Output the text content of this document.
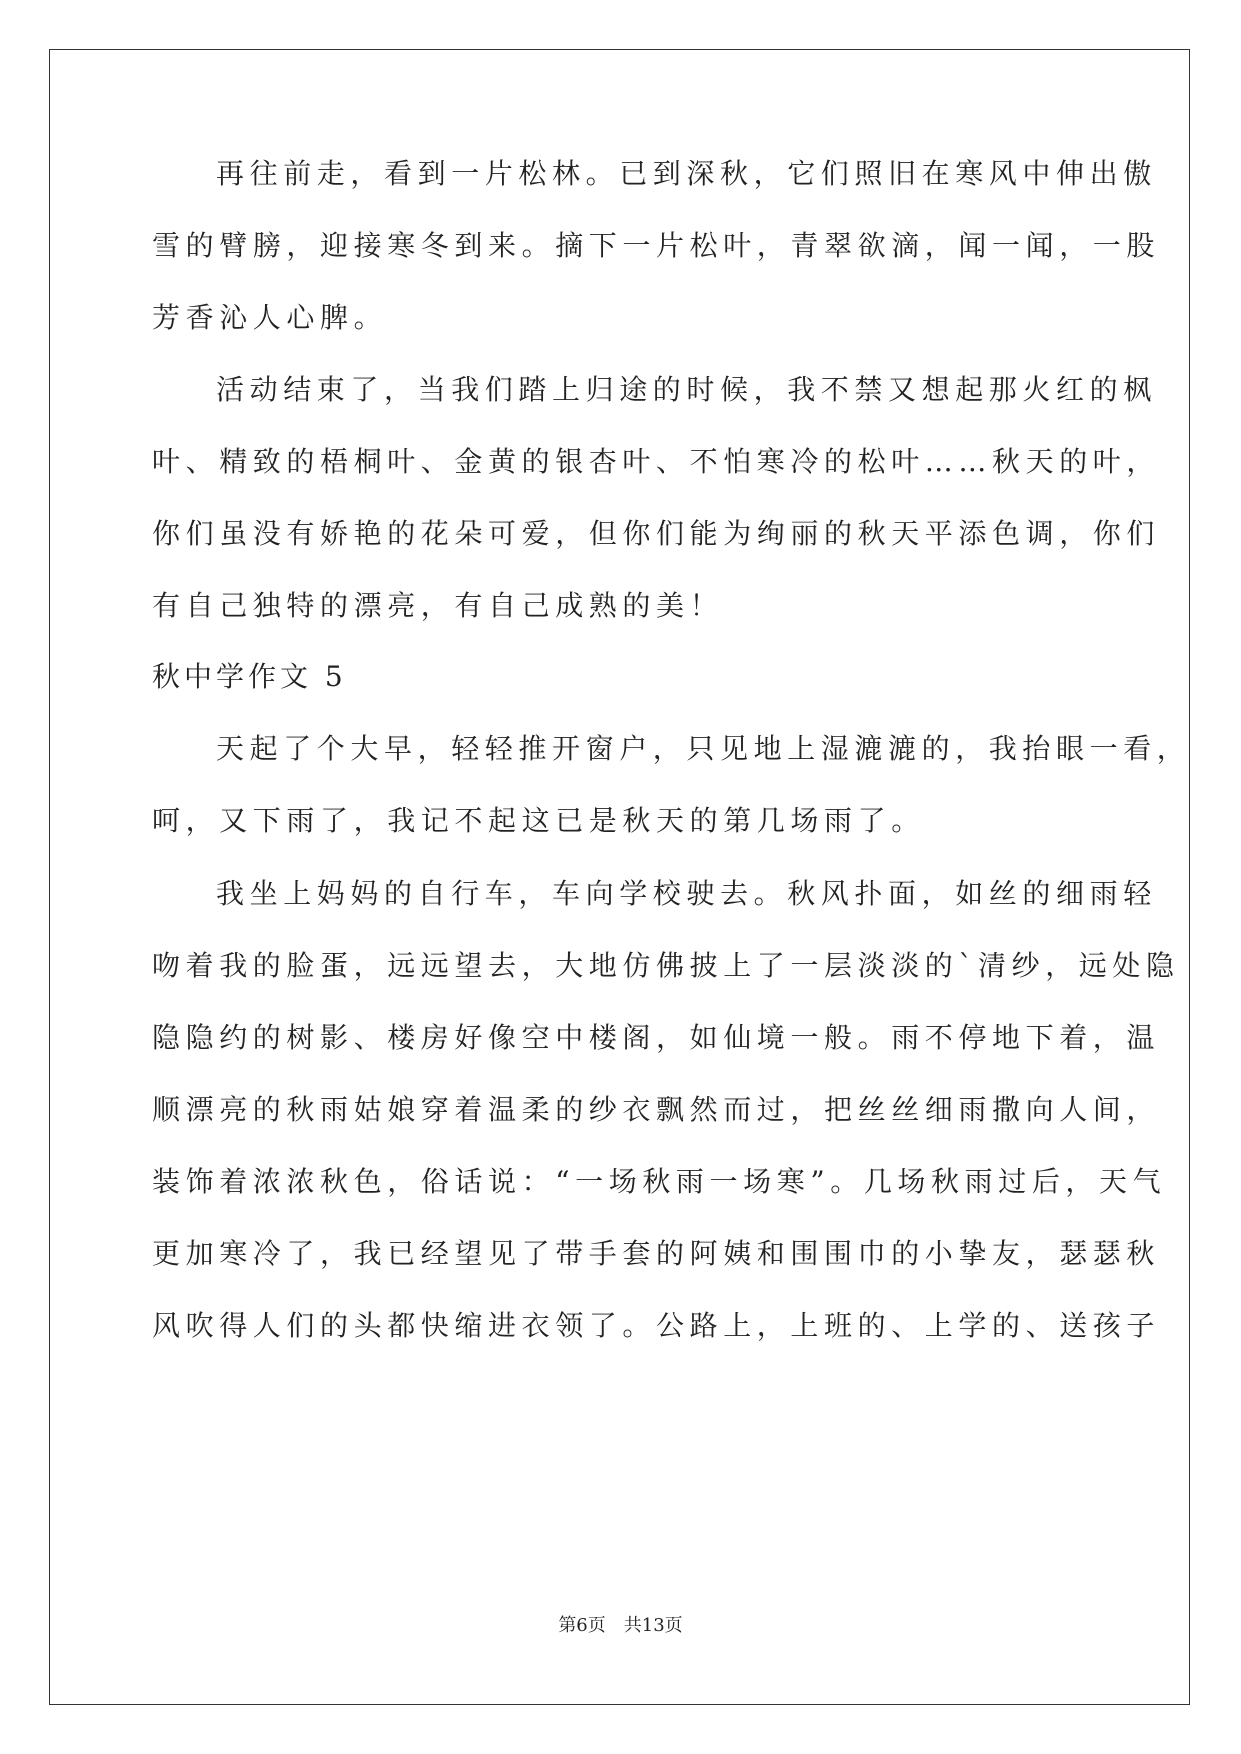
再往前走，看到一片松林。已到深秋，它们照旧在寒风中伸出傲
雪的臂膀，迎接寒冬到来。摘下一片松叶，青翠欲滴，闻一闻，一股
芳香沁人心脾。
活动结束了，当我们踏上归途的时候，我不禁又想起那火红的枫
叶、精致的梧桐叶、金黄的银杏叶、不怕寒冷的松叶……秋天的叶，
你们虽没有娇艳的花朵可爱，但你们能为绚丽的秋天平添色调，你们
有自己独特的漂亮，有自己成熟的美！
秋中学作文 5
天起了个大早，轻轻推开窗户，只见地上湿漉漉的，我抬眼一看，
呵，又下雨了，我记不起这已是秋天的第几场雨了。
我坐上妈妈的自行车，车向学校驶去。秋风扑面，如丝的细雨轻
吻着我的脸蛋，远远望去，大地仿佛披上了一层淡淡的`清纱，远处隐
隐隐约的树影、楼房好像空中楼阁，如仙境一般。雨不停地下着，温
顺漂亮的秋雨姑娘穿着温柔的纱衣飘然而过，把丝丝细雨撒向人间，
装饰着浓浓秋色，俗话说：“一场秋雨一场寒”。几场秋雨过后，天气
更加寒冷了，我已经望见了带手套的阿姨和围围巾的小挚友，瑟瑟秋
风吹得人们的头都快缩进衣领了。公路上，上班的、上学的、送孩子
第6页 共13页
